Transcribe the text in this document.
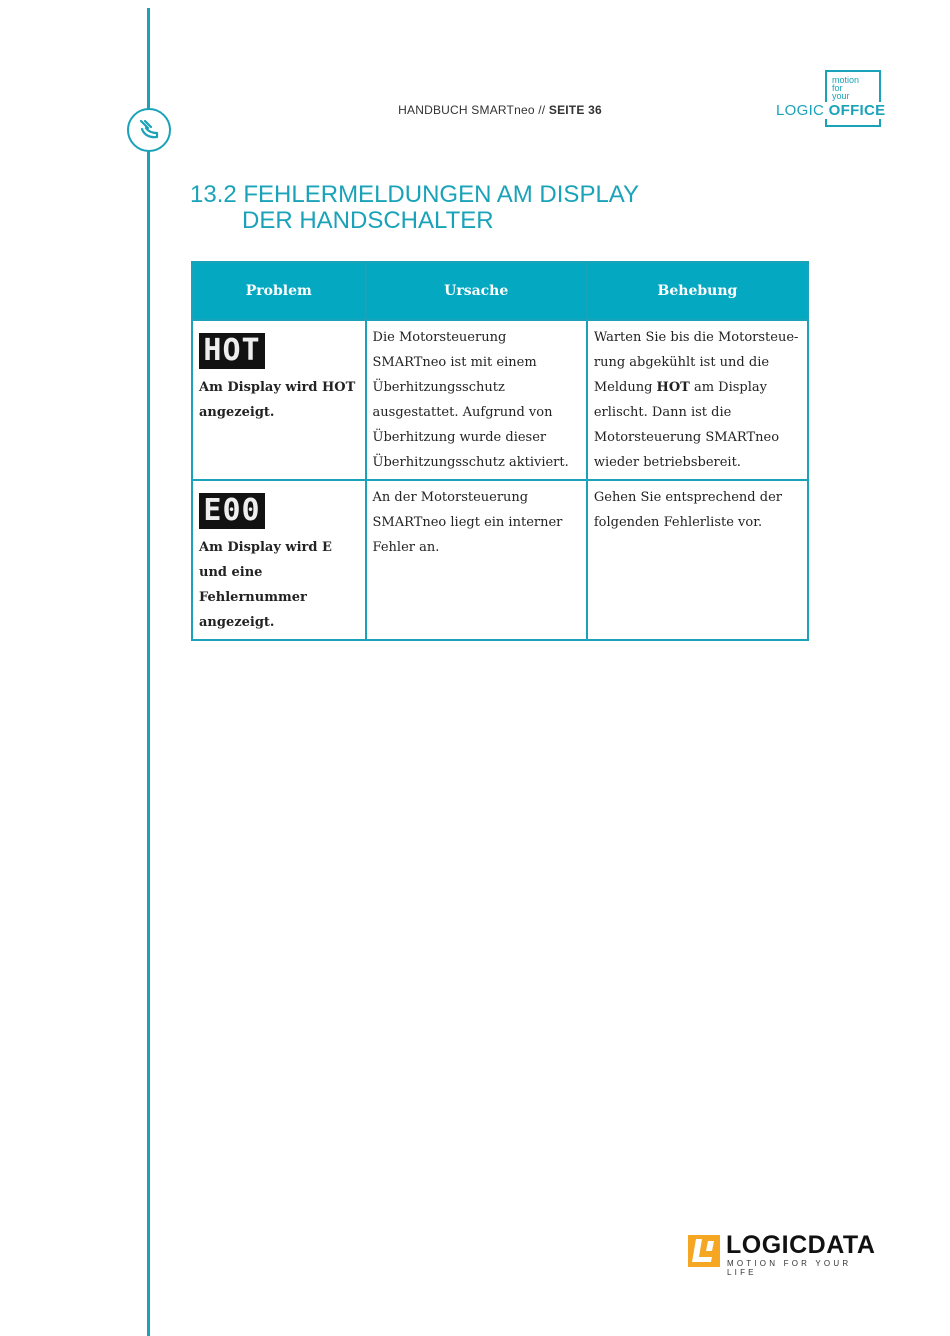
HANDBUCH SMARTneo // SEITE 36
motion
for
your
LOGIC OFFICE
13.2 FEHLERMELDUNGEN AM DISPLAY
DER HANDSCHALTER
Problem	Ursache	Behebung

HOT
Am Display wird HOT angezeigt.	Die Motorsteuerung SMARTneo ist mit einem Überhitzungsschutz ausgestattet. Aufgrund von Überhitzung wurde dieser Überhitzungsschutz aktiviert.	Warten Sie bis die Motorsteuerung abgekühlt ist und die Meldung HOT am Display erlischt. Dann ist die Motorsteuerung SMARTneo wieder betriebsbereit.

E00
Am Display wird E und eine Fehlernummer angezeigt.	An der Motorsteuerung SMARTneo liegt ein interner Fehler an.	Gehen Sie entsprechend der folgenden Fehlerliste vor.
LOGICDATA
MOTION FOR YOUR LIFE
